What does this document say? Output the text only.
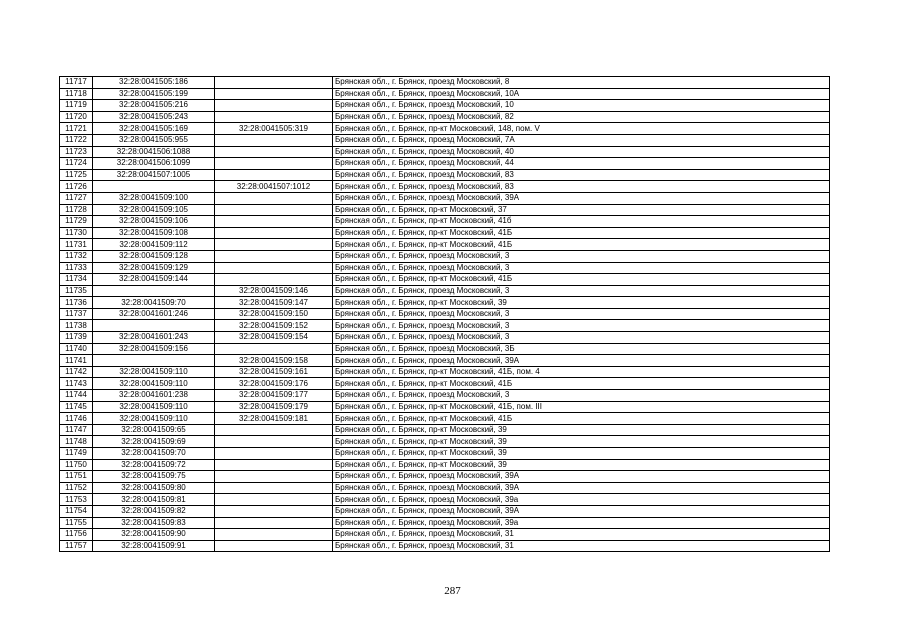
11717	32:28:0041505:186		Брянская обл., г. Брянск, проезд Московский, 8
11718	32:28:0041505:199		Брянская обл., г. Брянск, проезд Московский, 10А
11719	32:28:0041505:216		Брянская обл., г. Брянск, проезд Московский, 10
11720	32:28:0041505:243		Брянская обл., г. Брянск, проезд Московский, 82
11721	32:28:0041505:169	32:28:0041505:319	Брянская обл., г. Брянск, пр-кт Московский, 148, пом. V
11722	32:28:0041505:955		Брянская обл., г. Брянск, проезд Московский, 7А
11723	32:28:0041506:1088		Брянская обл., г. Брянск, проезд Московский, 40
11724	32:28:0041506:1099		Брянская обл., г. Брянск, проезд Московский, 44
11725	32:28:0041507:1005		Брянская обл., г. Брянск, проезд Московский, 83
11726		32:28:0041507:1012	Брянская обл., г. Брянск, проезд Московский, 83
11727	32:28:0041509:100		Брянская обл., г. Брянск, проезд Московский, 39А
11728	32:28:0041509:105		Брянская обл., г. Брянск, пр-кт Московский, 37
11729	32:28:0041509:106		Брянская обл., г. Брянск, пр-кт Московский, 41б
11730	32:28:0041509:108		Брянская обл., г. Брянск, пр-кт Московский, 41Б
11731	32:28:0041509:112		Брянская обл., г. Брянск, пр-кт Московский, 41Б
11732	32:28:0041509:128		Брянская обл., г. Брянск, проезд Московский, 3
11733	32:28:0041509:129		Брянская обл., г. Брянск, проезд Московский, 3
11734	32:28:0041509:144		Брянская обл., г. Брянск, пр-кт Московский, 41Б
11735		32:28:0041509:146	Брянская обл., г. Брянск, проезд Московский, 3
11736	32:28:0041509:70	32:28:0041509:147	Брянская обл., г. Брянск, пр-кт Московский, 39
11737	32:28:0041601:246	32:28:0041509:150	Брянская обл., г. Брянск, проезд Московский, 3
11738		32:28:0041509:152	Брянская обл., г. Брянск, проезд Московский, 3
11739	32:28:0041601:243	32:28:0041509:154	Брянская обл., г. Брянск, проезд Московский, 3
11740	32:28:0041509:156		Брянская обл., г. Брянск, проезд Московский, 3Б
11741		32:28:0041509:158	Брянская обл., г. Брянск, проезд Московский, 39А
11742	32:28:0041509:110	32:28:0041509:161	Брянская обл., г. Брянск, пр-кт Московский, 41Б, пом. 4
11743	32:28:0041509:110	32:28:0041509:176	Брянская обл., г. Брянск, пр-кт Московский, 41Б
11744	32:28:0041601:238	32:28:0041509:177	Брянская обл., г. Брянск, проезд Московский, 3
11745	32:28:0041509:110	32:28:0041509:179	Брянская обл., г. Брянск, пр-кт Московский, 41Б, пом. III
11746	32:28:0041509:110	32:28:0041509:181	Брянская обл., г. Брянск, пр-кт Московский, 41Б
11747	32:28:0041509:65		Брянская обл., г. Брянск, пр-кт Московский, 39
11748	32:28:0041509:69		Брянская обл., г. Брянск, пр-кт Московский, 39
11749	32:28:0041509:70		Брянская обл., г. Брянск, пр-кт Московский, 39
11750	32:28:0041509:72		Брянская обл., г. Брянск, пр-кт Московский, 39
11751	32:28:0041509:75		Брянская обл., г. Брянск, проезд Московский, 39А
11752	32:28:0041509:80		Брянская обл., г. Брянск, проезд Московский, 39А
11753	32:28:0041509:81		Брянская обл., г. Брянск, проезд Московский, 39а
11754	32:28:0041509:82		Брянская обл., г. Брянск, проезд Московский, 39А
11755	32:28:0041509:83		Брянская обл., г. Брянск, проезд Московский, 39а
11756	32:28:0041509:90		Брянская обл., г. Брянск, проезд Московский, 31
11757	32:28:0041509:91		Брянская обл., г. Брянск, проезд Московский, 31
287
